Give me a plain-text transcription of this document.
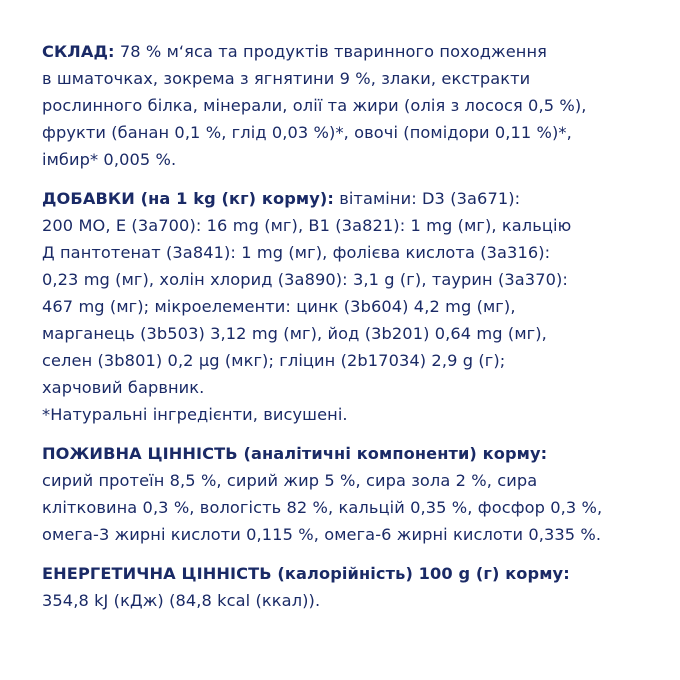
СКЛАД: 78 % м‘яса та продуктів тваринного походження
в шматочках, зокрема з ягнятини 9 %, злаки, екстракти
рослинного білка, мінерали, олії та жири (олія з лосося 0,5 %),
фрукти (банан 0,1 %, глід 0,03 %)*, овочі (помідори 0,11 %)*,
імбир* 0,005 %.
ДОБАВКИ (на 1 kg (кг) корму): вітаміни: D3 (3a671):
200 МО, E (3a700): 16 mg (мг), B1 (3a821): 1 mg (мг), кальцію
Д пантотенат (3a841): 1 mg (мг), фолієва кислота (3a316):
0,23 mg (мг), холін хлорид (3a890): 3,1 g (г), таурин (3a370):
467 mg (мг); мікроелементи: цинк (3b604) 4,2 mg (мг),
марганець (3b503) 3,12 mg (мг), йод (3b201) 0,64 mg (мг),
селен (3b801) 0,2 µg (мкг); гліцин (2b17034) 2,9 g (г);
харчовий барвник.
*Натуральні інгредієнти, висушені.
ПОЖИВНА ЦІННІСТЬ (аналітичні компоненти) корму:
сирий протеїн 8,5 %, сирий жир 5 %, сира зола 2 %, сира
клітковина 0,3 %, вологість 82 %, кальцій 0,35 %, фосфор 0,3 %,
омега-3 жирні кислоти 0,115 %, омега-6 жирні кислоти 0,335 %.
ЕНЕРГЕТИЧНА ЦІННІСТЬ (калорійність) 100 g (г) корму:
354,8 kJ (кДж) (84,8 kcal (ккал)).
